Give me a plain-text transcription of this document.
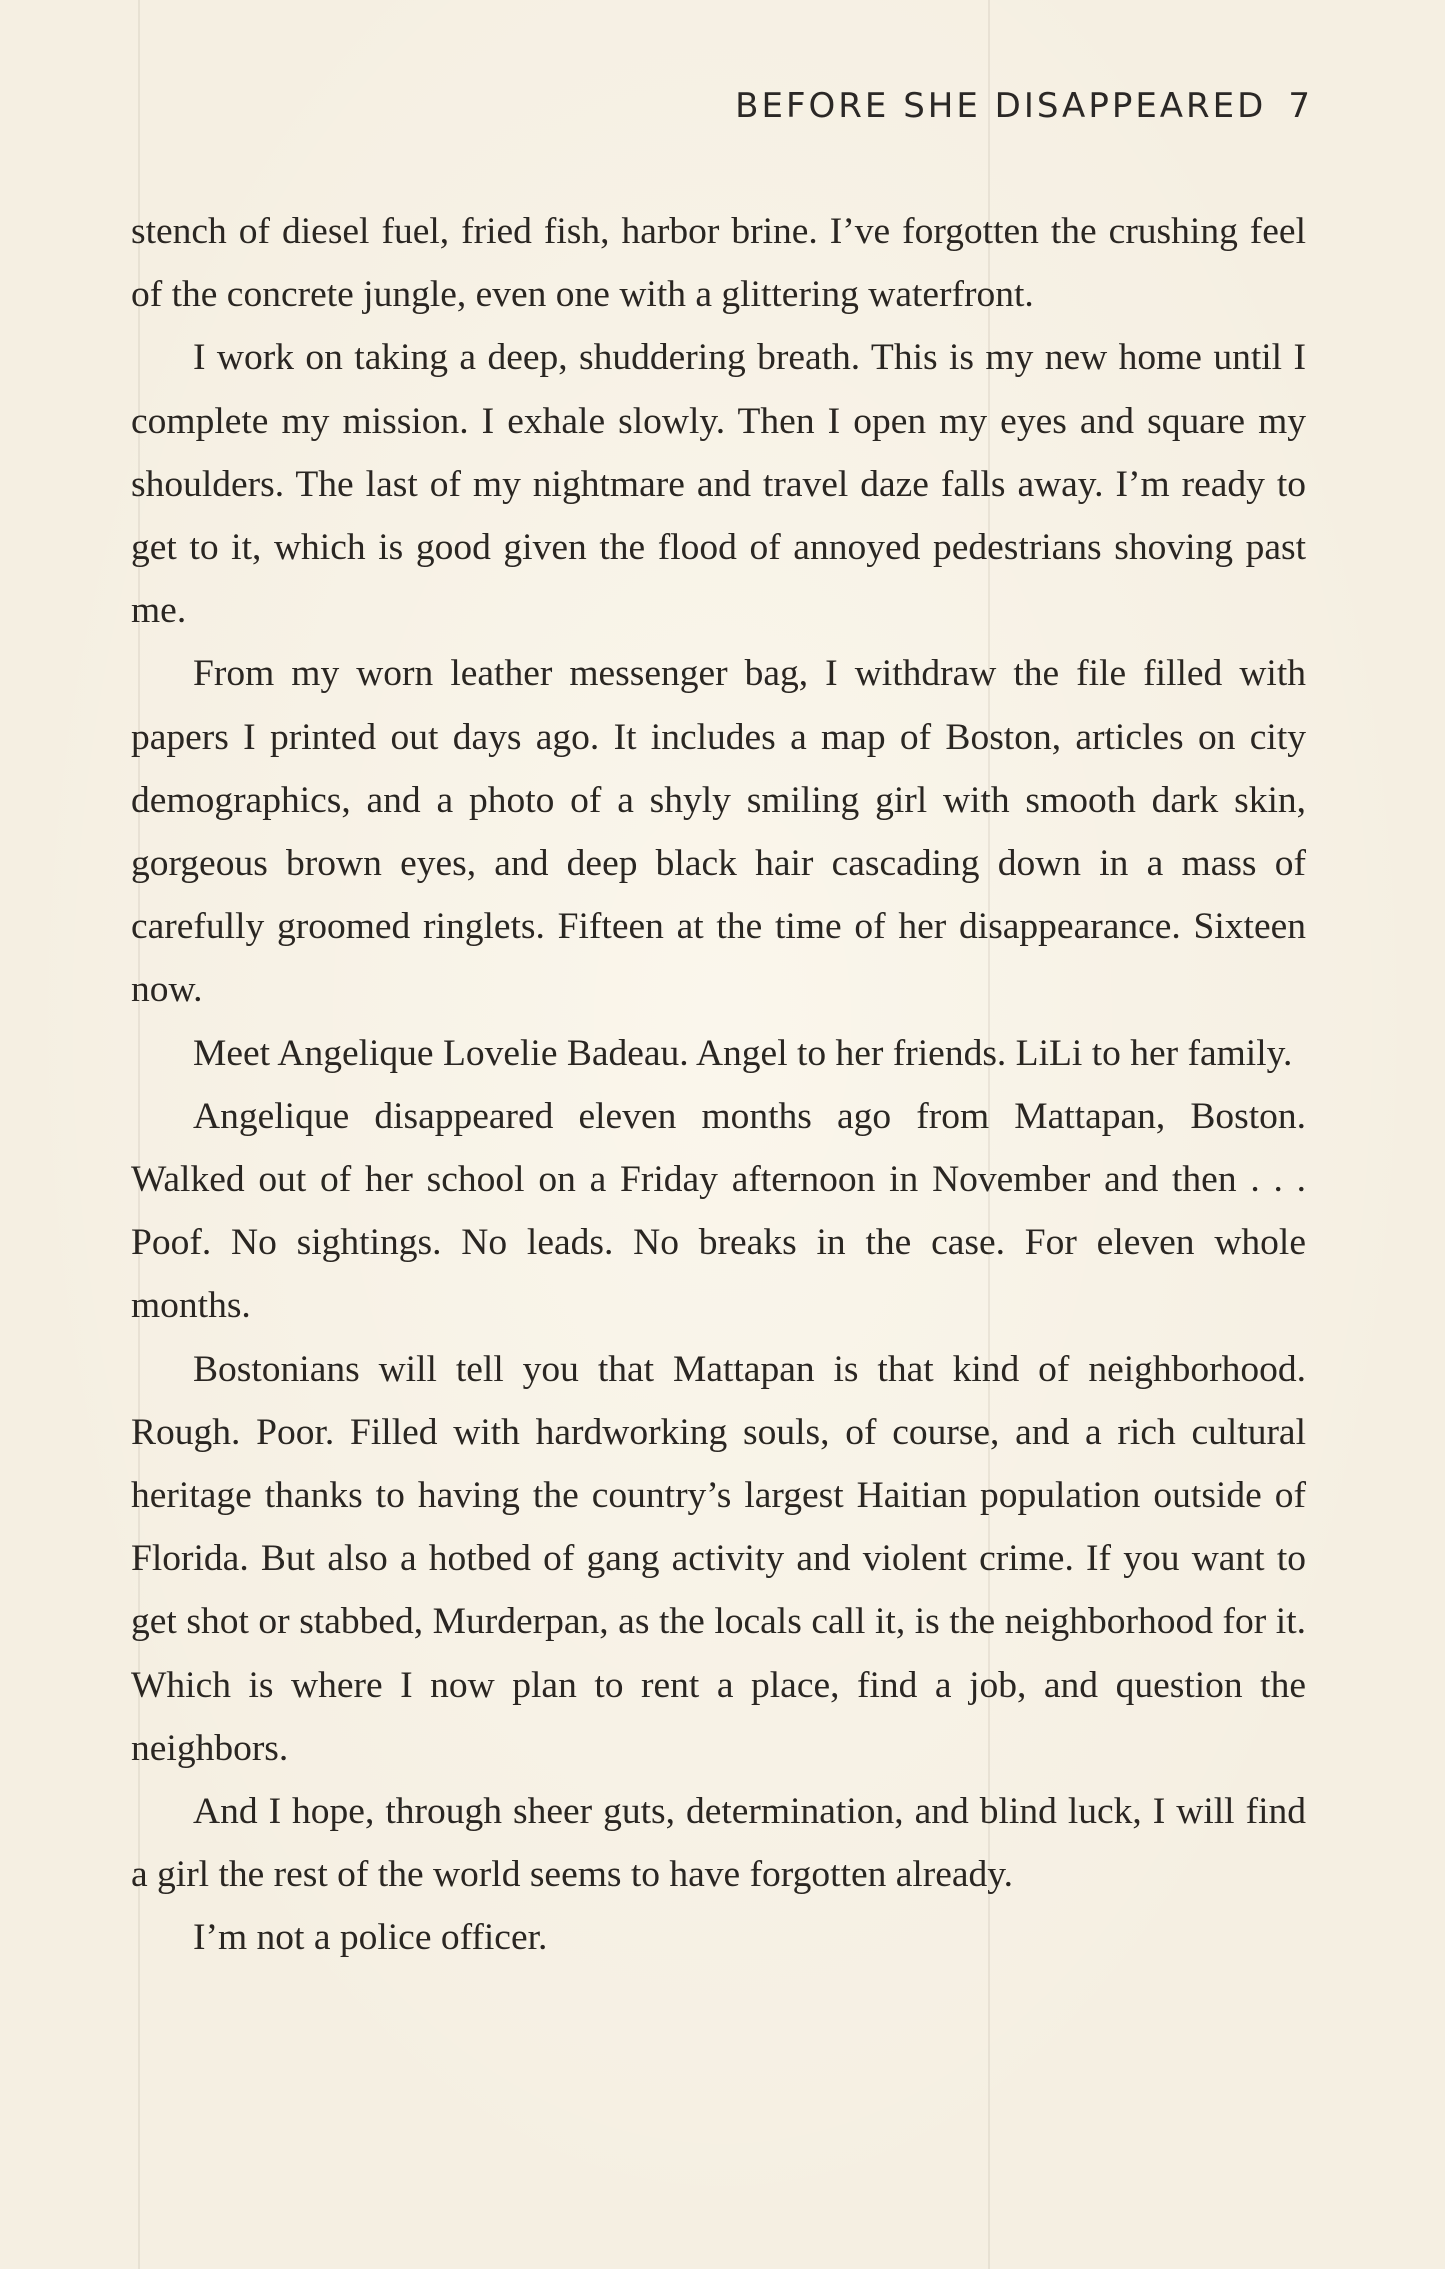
BEFORE SHE DISAPPEARED 7

stench of diesel fuel, fried fish, harbor brine. I’ve forgotten the crushing feel of the concrete jungle, even one with a glittering waterfront.

I work on taking a deep, shuddering breath. This is my new home until I complete my mission. I exhale slowly. Then I open my eyes and square my shoulders. The last of my nightmare and travel daze falls away. I’m ready to get to it, which is good given the flood of annoyed pedestrians shoving past me.

From my worn leather messenger bag, I withdraw the file filled with papers I printed out days ago. It includes a map of Boston, articles on city demographics, and a photo of a shyly smiling girl with smooth dark skin, gorgeous brown eyes, and deep black hair cascading down in a mass of carefully groomed ringlets. Fifteen at the time of her disappearance. Sixteen now.

Meet Angelique Lovelie Badeau. Angel to her friends. LiLi to her family.

Angelique disappeared eleven months ago from Mattapan, Boston. Walked out of her school on a Friday afternoon in November and then . . . Poof. No sightings. No leads. No breaks in the case. For eleven whole months.

Bostonians will tell you that Mattapan is that kind of neighborhood. Rough. Poor. Filled with hardworking souls, of course, and a rich cultural heritage thanks to having the country’s largest Haitian population outside of Florida. But also a hotbed of gang activity and violent crime. If you want to get shot or stabbed, Murderpan, as the locals call it, is the neighborhood for it. Which is where I now plan to rent a place, find a job, and question the neighbors.

And I hope, through sheer guts, determination, and blind luck, I will find a girl the rest of the world seems to have forgotten already.

I’m not a police officer.
